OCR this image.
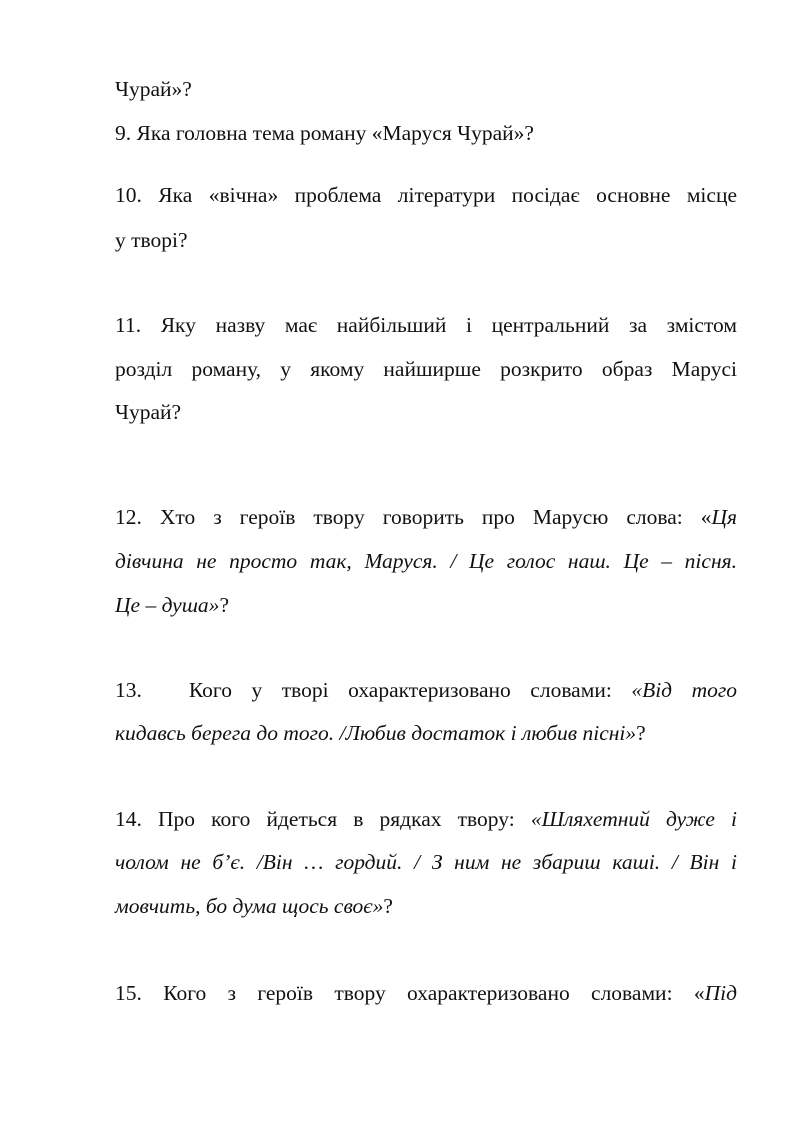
Чурай»?
9. Яка головна тема роману «Маруся Чурай»?
10. Яка «вічна» проблема літератури посідає основне місце
у творі?
11. Яку назву має найбільший і центральний за змістом
розділ роману, у якому найширше розкрито образ Марусі
Чурай?
12. Хто з героїв твору говорить про Марусю слова: «Ця
дівчина не просто так, Маруся. / Це голос наш. Це – пісня.
Це – душа»?
13. Кого у творі охарактеризовано словами: «Від того
кидавсь берега до того. /Любив достаток і любив пісні»?
14. Про кого йдеться в рядках твору: «Шляхетний дуже і
чолом не б’є. /Він … гордий. / З ним не збариш каші. / Він і
мовчить, бо дума щось своє»?
15. Кого з героїв твору охарактеризовано словами: «Під
